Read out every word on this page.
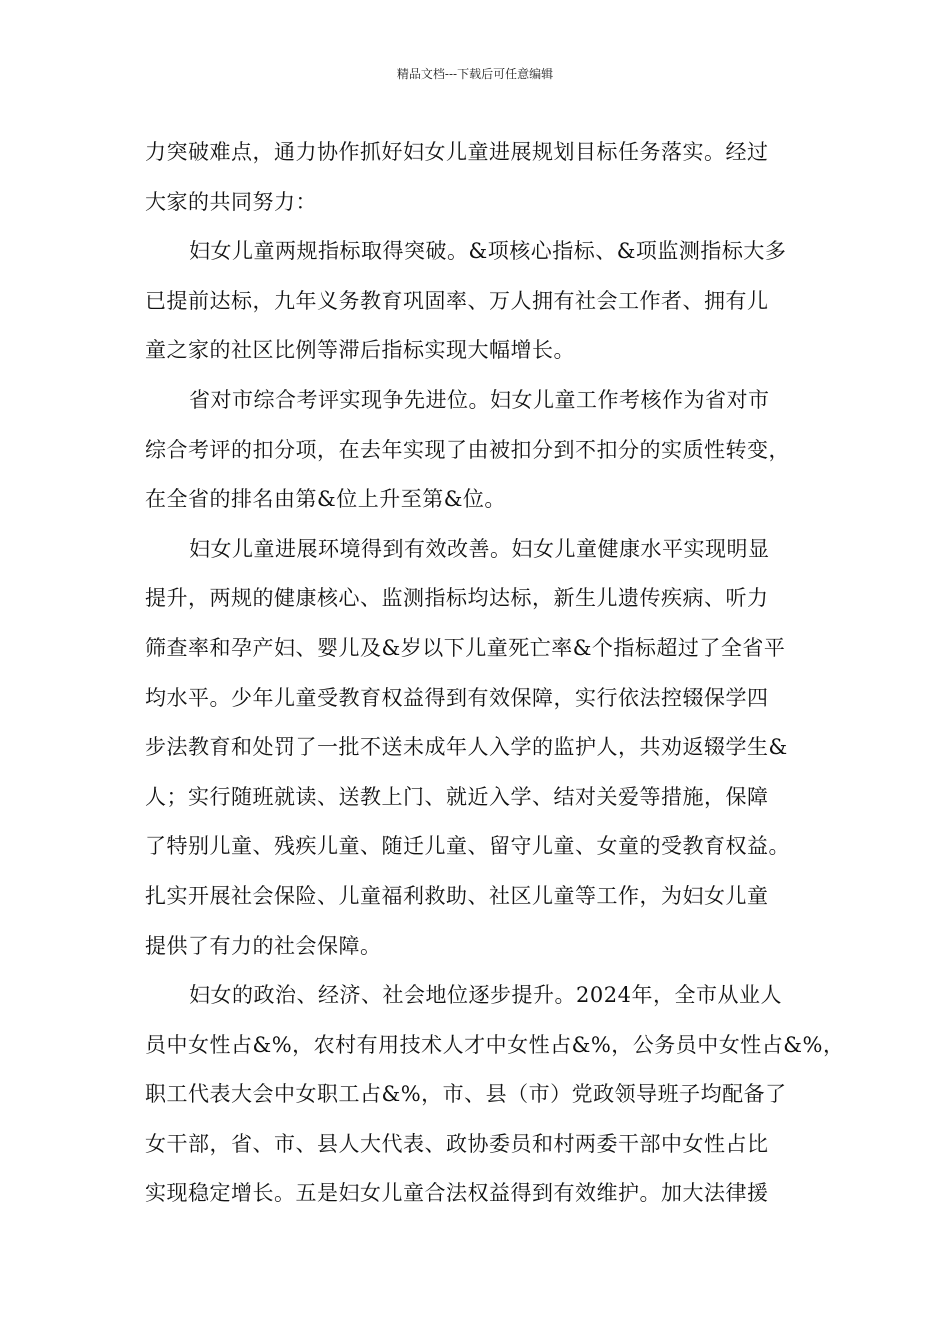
精品文档---下载后可任意编辑
力突破难点，通力协作抓好妇女儿童进展规划目标任务落实。经过
大家的共同努力：
妇女儿童两规指标取得突破。&项核心指标、&项监测指标大多
已提前达标，九年义务教育巩固率、万人拥有社会工作者、拥有儿
童之家的社区比例等滞后指标实现大幅增长。
省对市综合考评实现争先进位。妇女儿童工作考核作为省对市
综合考评的扣分项，在去年实现了由被扣分到不扣分的实质性转变，
在全省的排名由第&位上升至第&位。
妇女儿童进展环境得到有效改善。妇女儿童健康水平实现明显
提升，两规的健康核心、监测指标均达标，新生儿遗传疾病、听力
筛查率和孕产妇、婴儿及&岁以下儿童死亡率&个指标超过了全省平
均水平。少年儿童受教育权益得到有效保障，实行依法控辍保学四
步法教育和处罚了一批不送未成年人入学的监护人，共劝返辍学生&
人；实行随班就读、送教上门、就近入学、结对关爱等措施，保障
了特别儿童、残疾儿童、随迁儿童、留守儿童、女童的受教育权益。
扎实开展社会保险、儿童福利救助、社区儿童等工作，为妇女儿童
提供了有力的社会保障。
妇女的政治、经济、社会地位逐步提升。2024年，全市从业人
员中女性占&%，农村有用技术人才中女性占&%，公务员中女性占&%，
职工代表大会中女职工占&%，市、县（市）党政领导班子均配备了
女干部，省、市、县人大代表、政协委员和村两委干部中女性占比
实现稳定增长。五是妇女儿童合法权益得到有效维护。加大法律援
